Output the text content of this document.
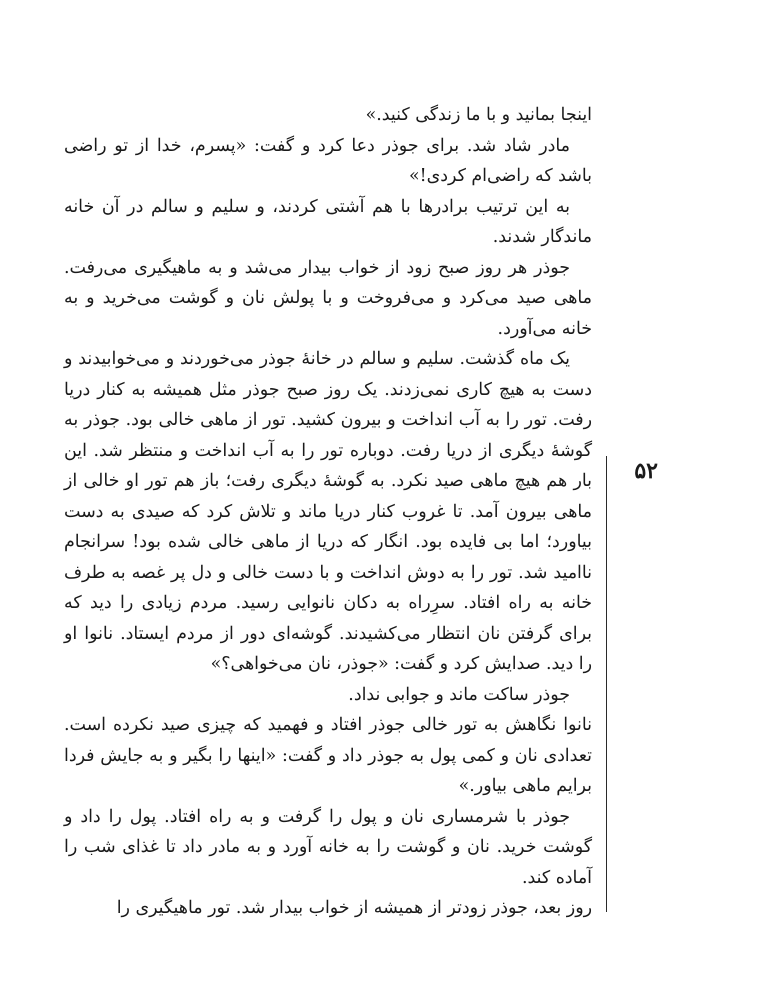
اینجا بمانید و با ما زندگی کنید.»

مادر شاد شد. برای جوذر دعا کرد و گفت: «پسرم، خدا از تو راضی باشد که راضی‌ام کردی!»

به این ترتیب برادرها با هم آشتی کردند، و سلیم و سالم در آن خانه ماندگار شدند.

جوذر هر روز صبح زود از خواب بیدار می‌شد و به ماهیگیری می‌رفت. ماهی صید می‌کرد و می‌فروخت و با پولش نان و گوشت می‌خرید و به خانه می‌آورد.

یک ماه گذشت. سلیم و سالم در خانهٔ جوذر می‌خوردند و می‌خوابیدند و دست به هیچ کاری نمی‌زدند. یک روز صبح جوذر مثل همیشه به کنار دریا رفت. تور را به آب انداخت و بیرون کشید. تور از ماهی خالی بود. جوذر به گوشهٔ دیگری از دریا رفت. دوباره تور را به آب انداخت و منتظر شد. این بار هم هیچ ماهی صید نکرد. به گوشهٔ دیگری رفت؛ باز هم تور او خالی از ماهی بیرون آمد. تا غروب کنار دریا ماند و تلاش کرد که صیدی به دست بیاورد؛ اما بی فایده بود. انگار که دریا از ماهی خالی شده بود! سرانجام ناامید شد. تور را به دوش انداخت و با دست خالی و دل پر غصه به طرف خانه به راه افتاد. سرِراه به دکان نانوایی رسید. مردم زیادی را دید که برای گرفتن نان انتظار می‌کشیدند. گوشه‌ای دور از مردم ایستاد. نانوا او را دید. صدایش کرد و گفت: «جوذر، نان می‌خواهی؟»

جوذر ساکت ماند و جوابی نداد.

نانوا نگاهش به تور خالی جوذر افتاد و فهمید که چیزی صید نکرده است. تعدادی نان و کمی پول به جوذر داد و گفت: «اینها را بگیر و به جایش فردا برایم ماهی بیاور.»

جوذر با شرمساری نان و پول را گرفت و به راه افتاد. پول را داد و گوشت خرید. نان و گوشت را به خانه آورد و به مادر داد تا غذای شب را آماده کند.

روز بعد، جوذر زودتر از همیشه از خواب بیدار شد. تور ماهیگیری را

۵۲
